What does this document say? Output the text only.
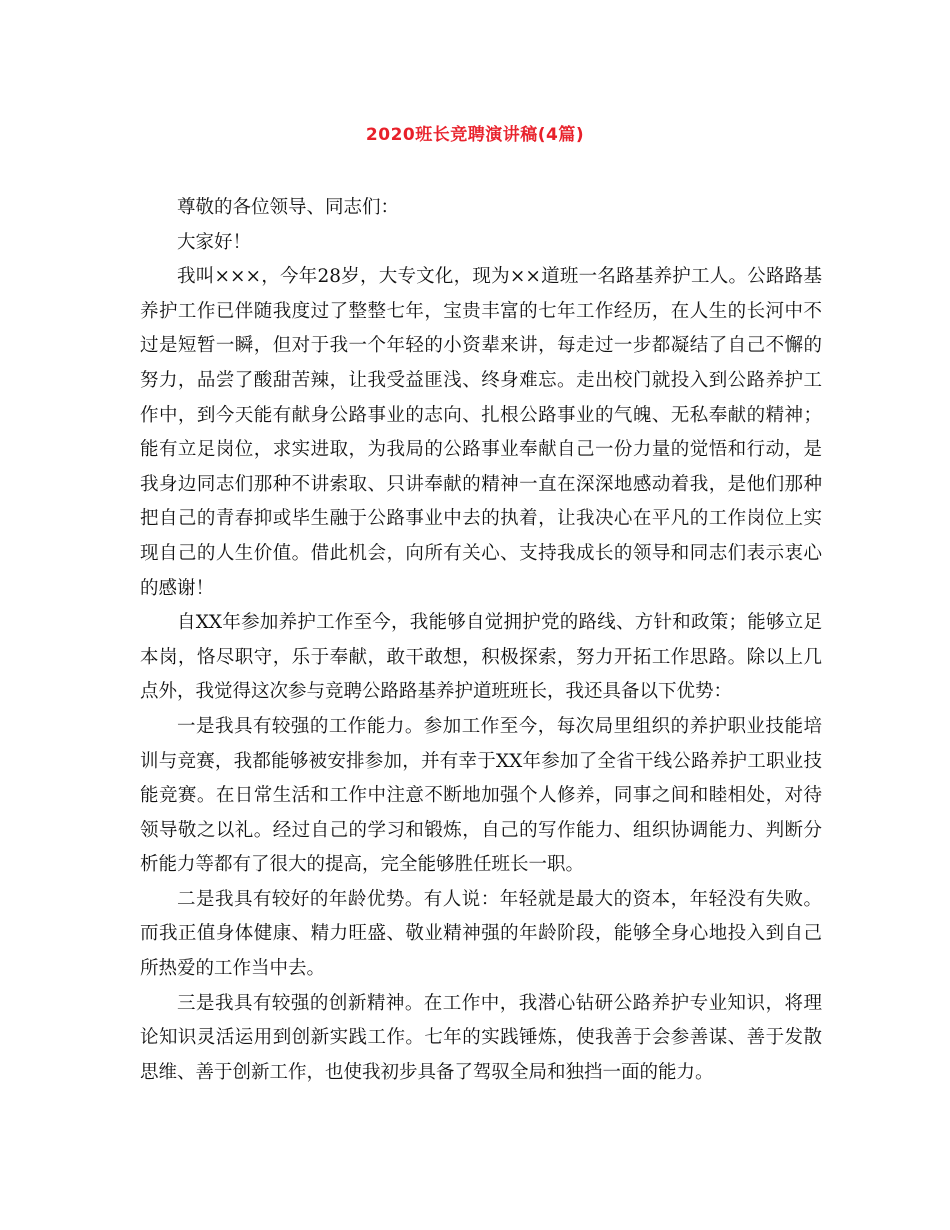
2020班长竞聘演讲稿(4篇)

尊敬的各位领导、同志们：

大家好！

我叫×××，今年28岁，大专文化，现为××道班一名路基养护工人。公路路基养护工作已伴随我度过了整整七年，宝贵丰富的七年工作经历，在人生的长河中不过是短暂一瞬，但对于我一个年轻的小资辈来讲，每走过一步都凝结了自己不懈的努力，品尝了酸甜苦辣，让我受益匪浅、终身难忘。走出校门就投入到公路养护工作中，到今天能有献身公路事业的志向、扎根公路事业的气魄、无私奉献的精神；能有立足岗位，求实进取，为我局的公路事业奉献自己一份力量的觉悟和行动，是我身边同志们那种不讲索取、只讲奉献的精神一直在深深地感动着我，是他们那种把自己的青春抑或毕生融于公路事业中去的执着，让我决心在平凡的工作岗位上实现自己的人生价值。借此机会，向所有关心、支持我成长的领导和同志们表示衷心的感谢！

自XX年参加养护工作至今，我能够自觉拥护党的路线、方针和政策；能够立足本岗，恪尽职守，乐于奉献，敢干敢想，积极探索，努力开拓工作思路。除以上几点外，我觉得这次参与竞聘公路路基养护道班班长，我还具备以下优势：

一是我具有较强的工作能力。参加工作至今，每次局里组织的养护职业技能培训与竞赛，我都能够被安排参加，并有幸于XX年参加了全省干线公路养护工职业技能竞赛。在日常生活和工作中注意不断地加强个人修养，同事之间和睦相处，对待领导敬之以礼。经过自己的学习和锻炼，自己的写作能力、组织协调能力、判断分析能力等都有了很大的提高，完全能够胜任班长一职。

二是我具有较好的年龄优势。有人说：年轻就是最大的资本，年轻没有失败。而我正值身体健康、精力旺盛、敬业精神强的年龄阶段，能够全身心地投入到自己所热爱的工作当中去。

三是我具有较强的创新精神。在工作中，我潜心钻研公路养护专业知识，将理论知识灵活运用到创新实践工作。七年的实践锤炼，使我善于会参善谋、善于发散思维、善于创新工作，也使我初步具备了驾驭全局和独挡一面的能力。
